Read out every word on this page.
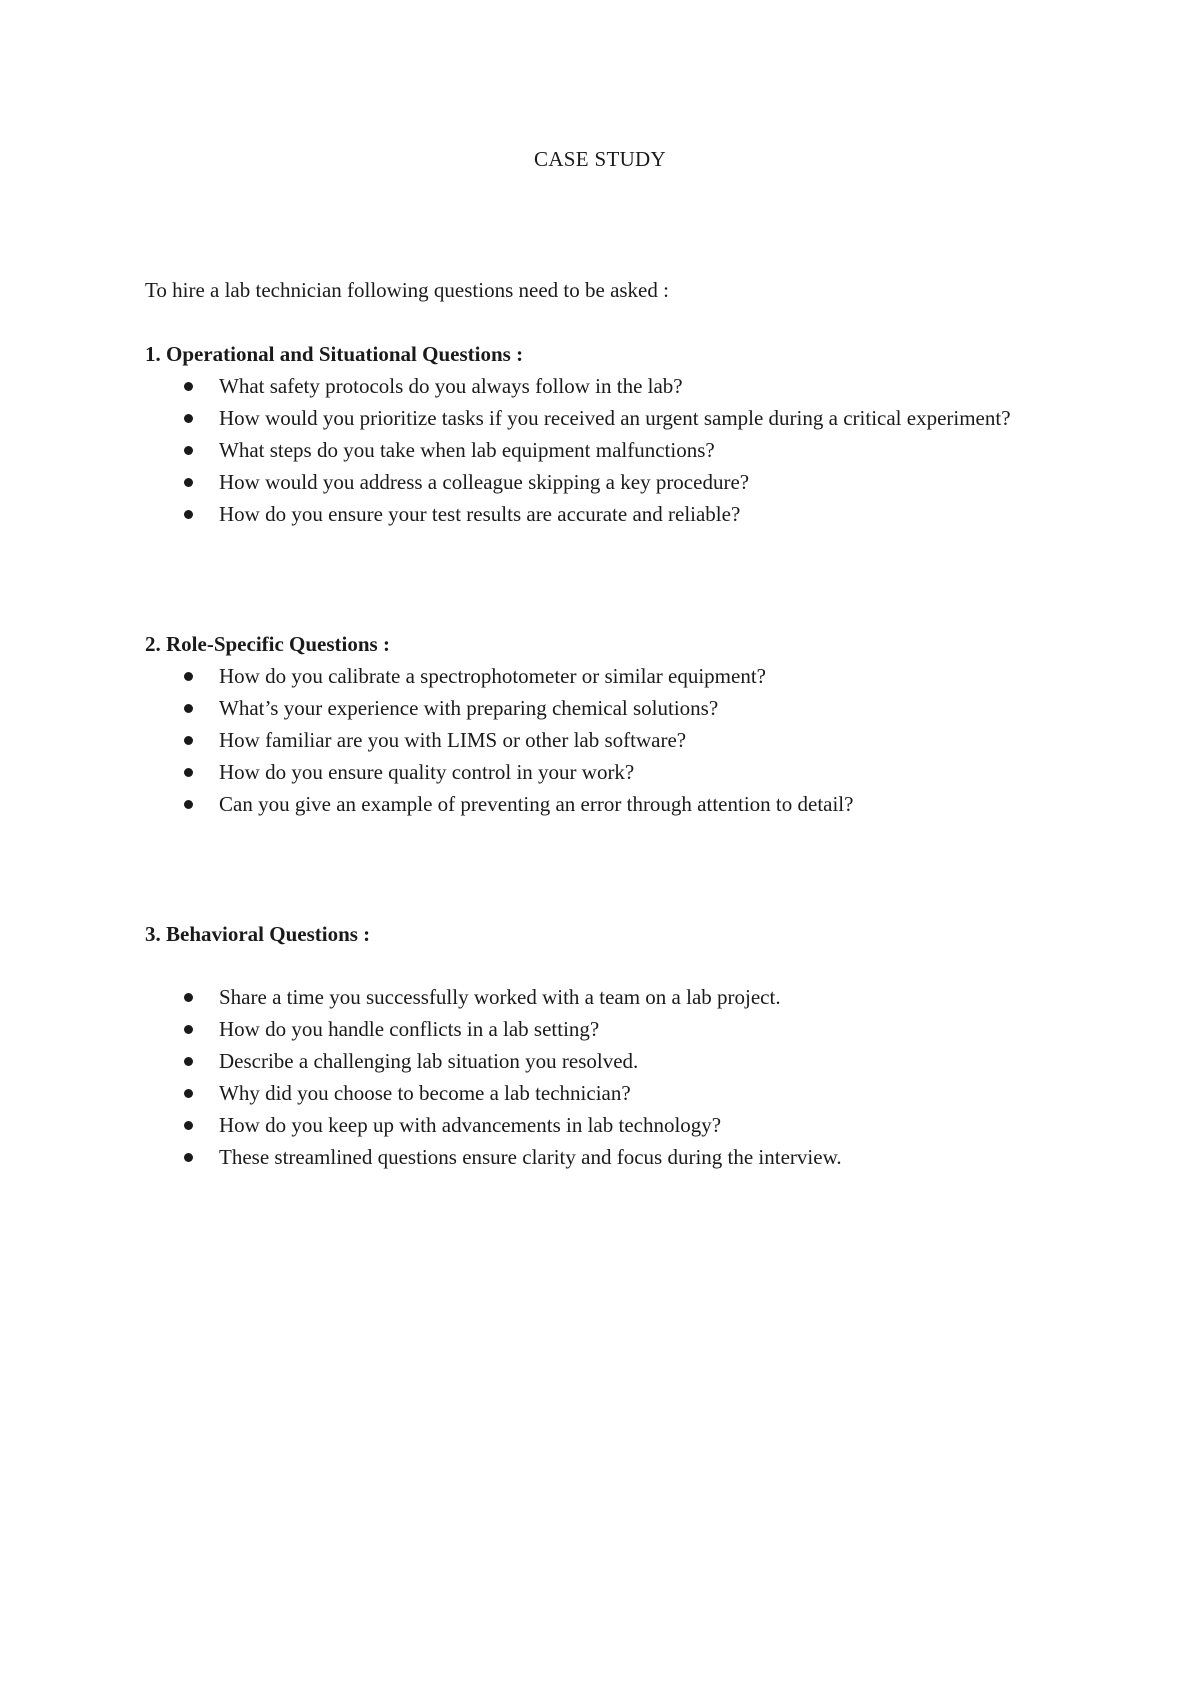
CASE STUDY
To hire a lab technician following questions need to be asked :
1. Operational and Situational Questions :
What safety protocols do you always follow in the lab?
How would you prioritize tasks if you received an urgent sample during a critical experiment?
What steps do you take when lab equipment malfunctions?
How would you address a colleague skipping a key procedure?
How do you ensure your test results are accurate and reliable?
2. Role-Specific Questions :
How do you calibrate a spectrophotometer or similar equipment?
What’s your experience with preparing chemical solutions?
How familiar are you with LIMS or other lab software?
How do you ensure quality control in your work?
Can you give an example of preventing an error through attention to detail?
3. Behavioral Questions :
Share a time you successfully worked with a team on a lab project.
How do you handle conflicts in a lab setting?
Describe a challenging lab situation you resolved.
Why did you choose to become a lab technician?
How do you keep up with advancements in lab technology?
These streamlined questions ensure clarity and focus during the interview.
